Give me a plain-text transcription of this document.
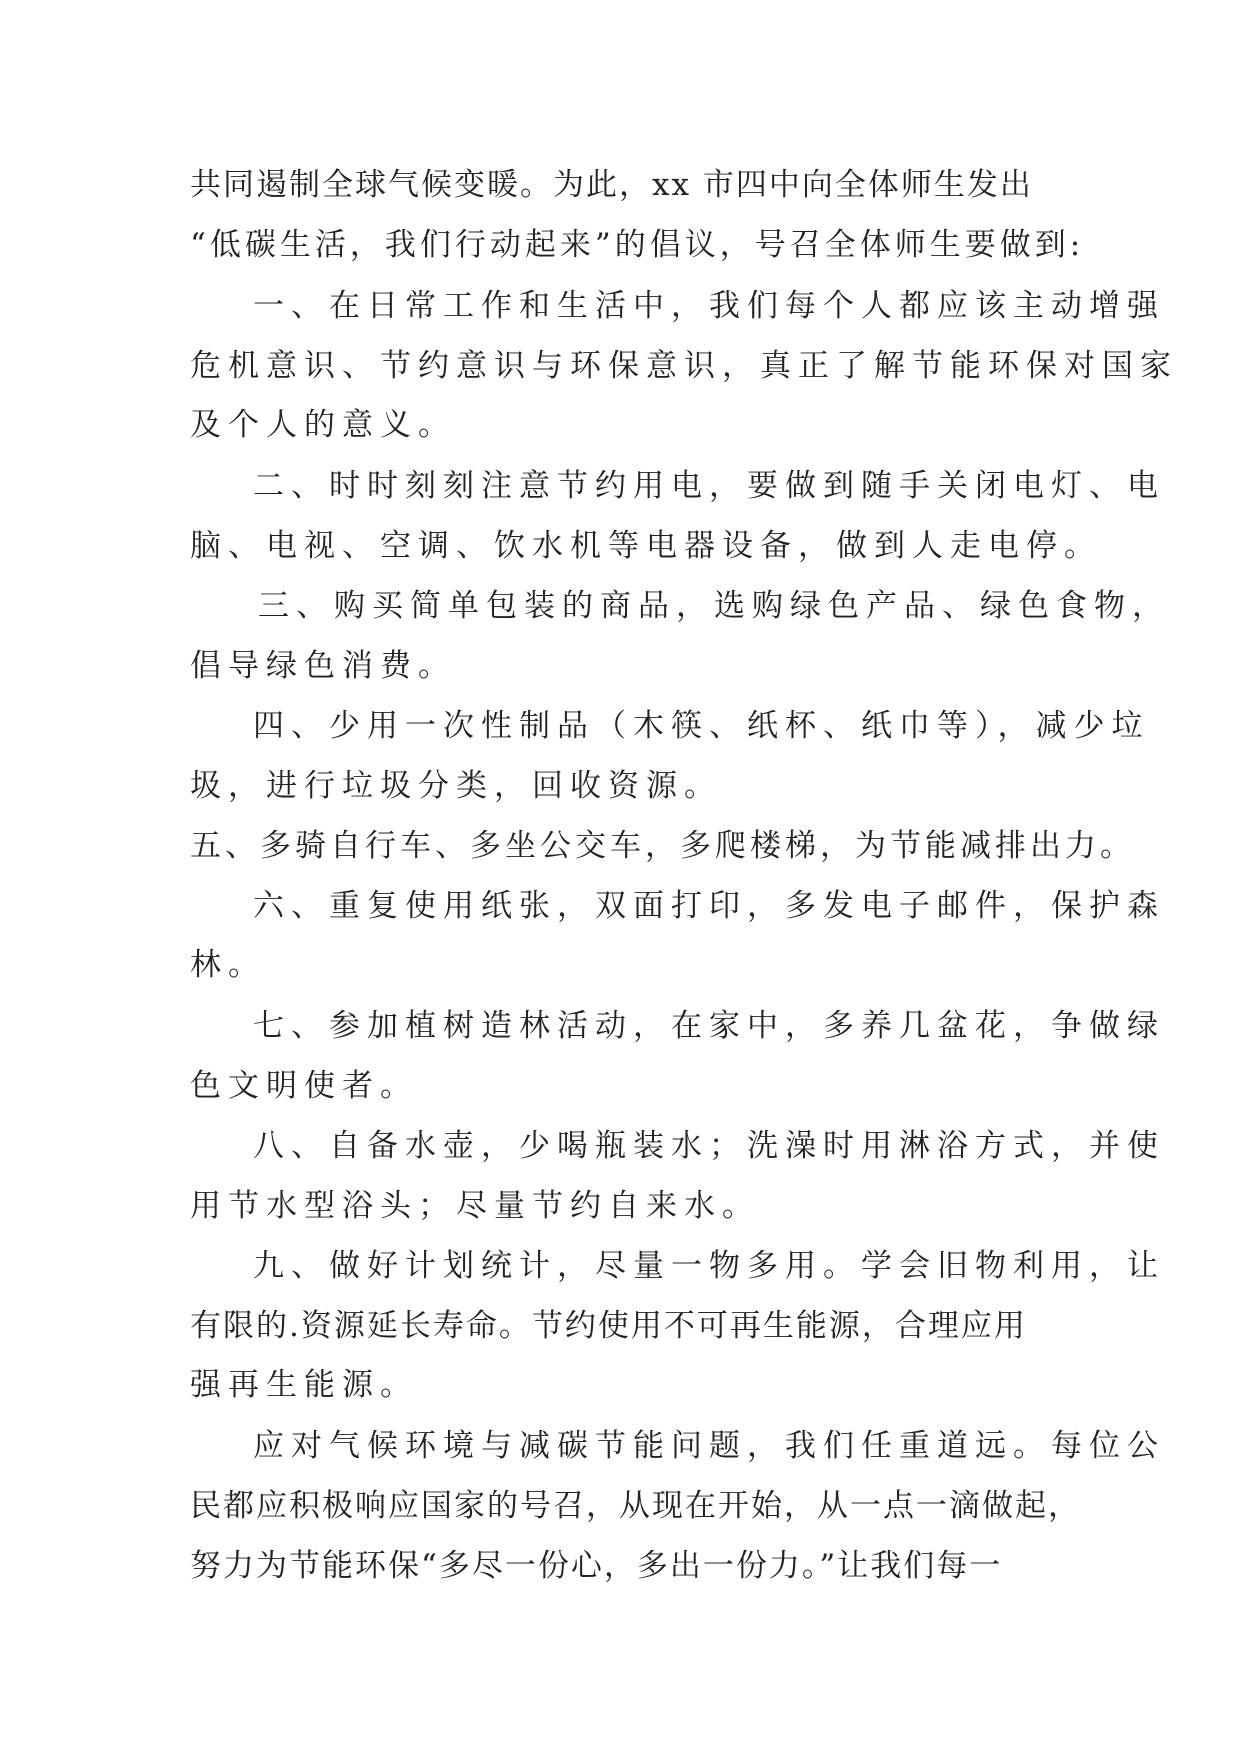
共同遏制全球气候变暖。为此，xx 市四中向全体师生发出
“低碳生活，我们行动起来”的倡议，号召全体师生要做到:
一、在日常工作和生活中，我们每个人都应该主动增强
危机意识、节约意识与环保意识，真正了解节能环保对国家
及个人的意义。
二、时时刻刻注意节约用电，要做到随手关闭电灯、电
脑、电视、空调、饮水机等电器设备，做到人走电停。
三、购买简单包装的商品，选购绿色产品、绿色食物，
倡导绿色消费。
四、少用一次性制品（木筷、纸杯、纸巾等），减少垃
圾，进行垃圾分类，回收资源。
五、多骑自行车、多坐公交车，多爬楼梯，为节能减排出力。
六、重复使用纸张，双面打印，多发电子邮件，保护森
林。
七、参加植树造林活动，在家中，多养几盆花，争做绿
色文明使者。
八、自备水壶，少喝瓶装水；洗澡时用淋浴方式，并使
用节水型浴头；尽量节约自来水。
九、做好计划统计，尽量一物多用。学会旧物利用，让
有限的.资源延长寿命。节约使用不可再生能源，合理应用
强再生能源。
应对气候环境与减碳节能问题，我们任重道远。每位公
民都应积极响应国家的号召，从现在开始，从一点一滴做起，
努力为节能环保“多尽一份心，多出一份力。”让我们每一
